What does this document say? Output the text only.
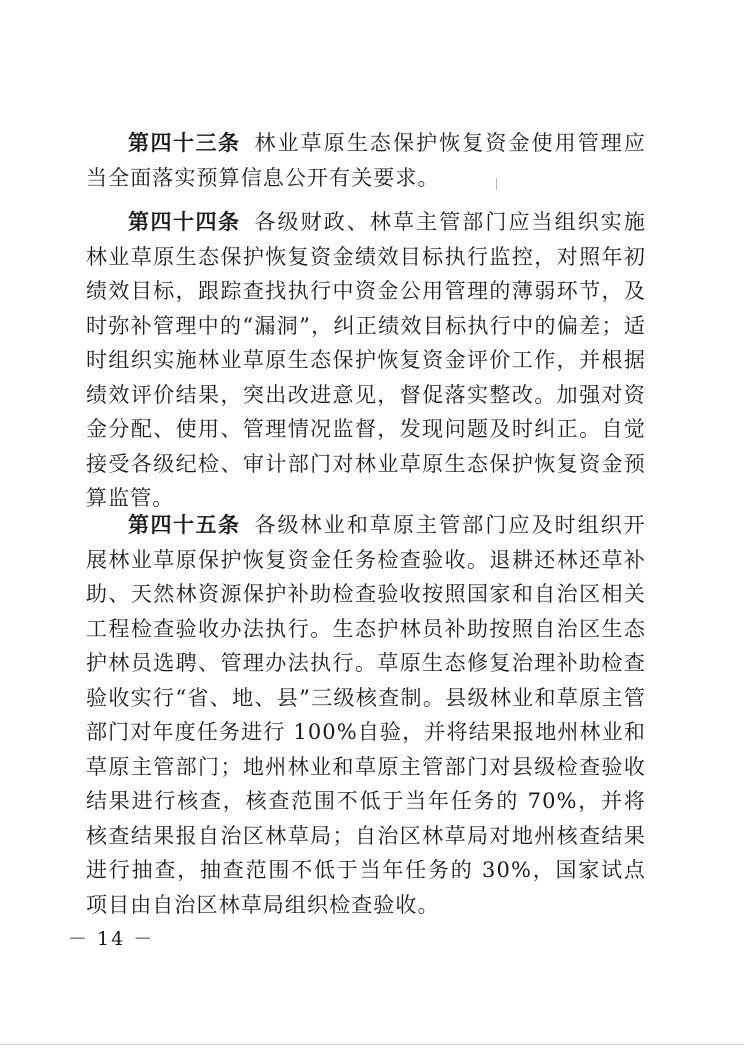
第四十三条 林业草原生态保护恢复资金使用管理应当全面落实预算信息公开有关要求。

第四十四条 各级财政、林草主管部门应当组织实施林业草原生态保护恢复资金绩效目标执行监控，对照年初绩效目标，跟踪查找执行中资金公用管理的薄弱环节，及时弥补管理中的“漏洞”，纠正绩效目标执行中的偏差；适时组织实施林业草原生态保护恢复资金评价工作，并根据绩效评价结果，突出改进意见，督促落实整改。加强对资金分配、使用、管理情况监督，发现问题及时纠正。自觉接受各级纪检、审计部门对林业草原生态保护恢复资金预算监管。

第四十五条 各级林业和草原主管部门应及时组织开展林业草原保护恢复资金任务检查验收。退耕还林还草补助、天然林资源保护补助检查验收按照国家和自治区相关工程检查验收办法执行。生态护林员补助按照自治区生态护林员选聘、管理办法执行。草原生态修复治理补助检查验收实行“省、地、县”三级核查制。县级林业和草原主管部门对年度任务进行 100%自验，并将结果报地州林业和草原主管部门；地州林业和草原主管部门对县级检查验收结果进行核查，核查范围不低于当年任务的 70%，并将核查结果报自治区林草局；自治区林草局对地州核查结果进行抽查，抽查范围不低于当年任务的 30%，国家试点项目由自治区林草局组织检查验收。

－ 14 －
